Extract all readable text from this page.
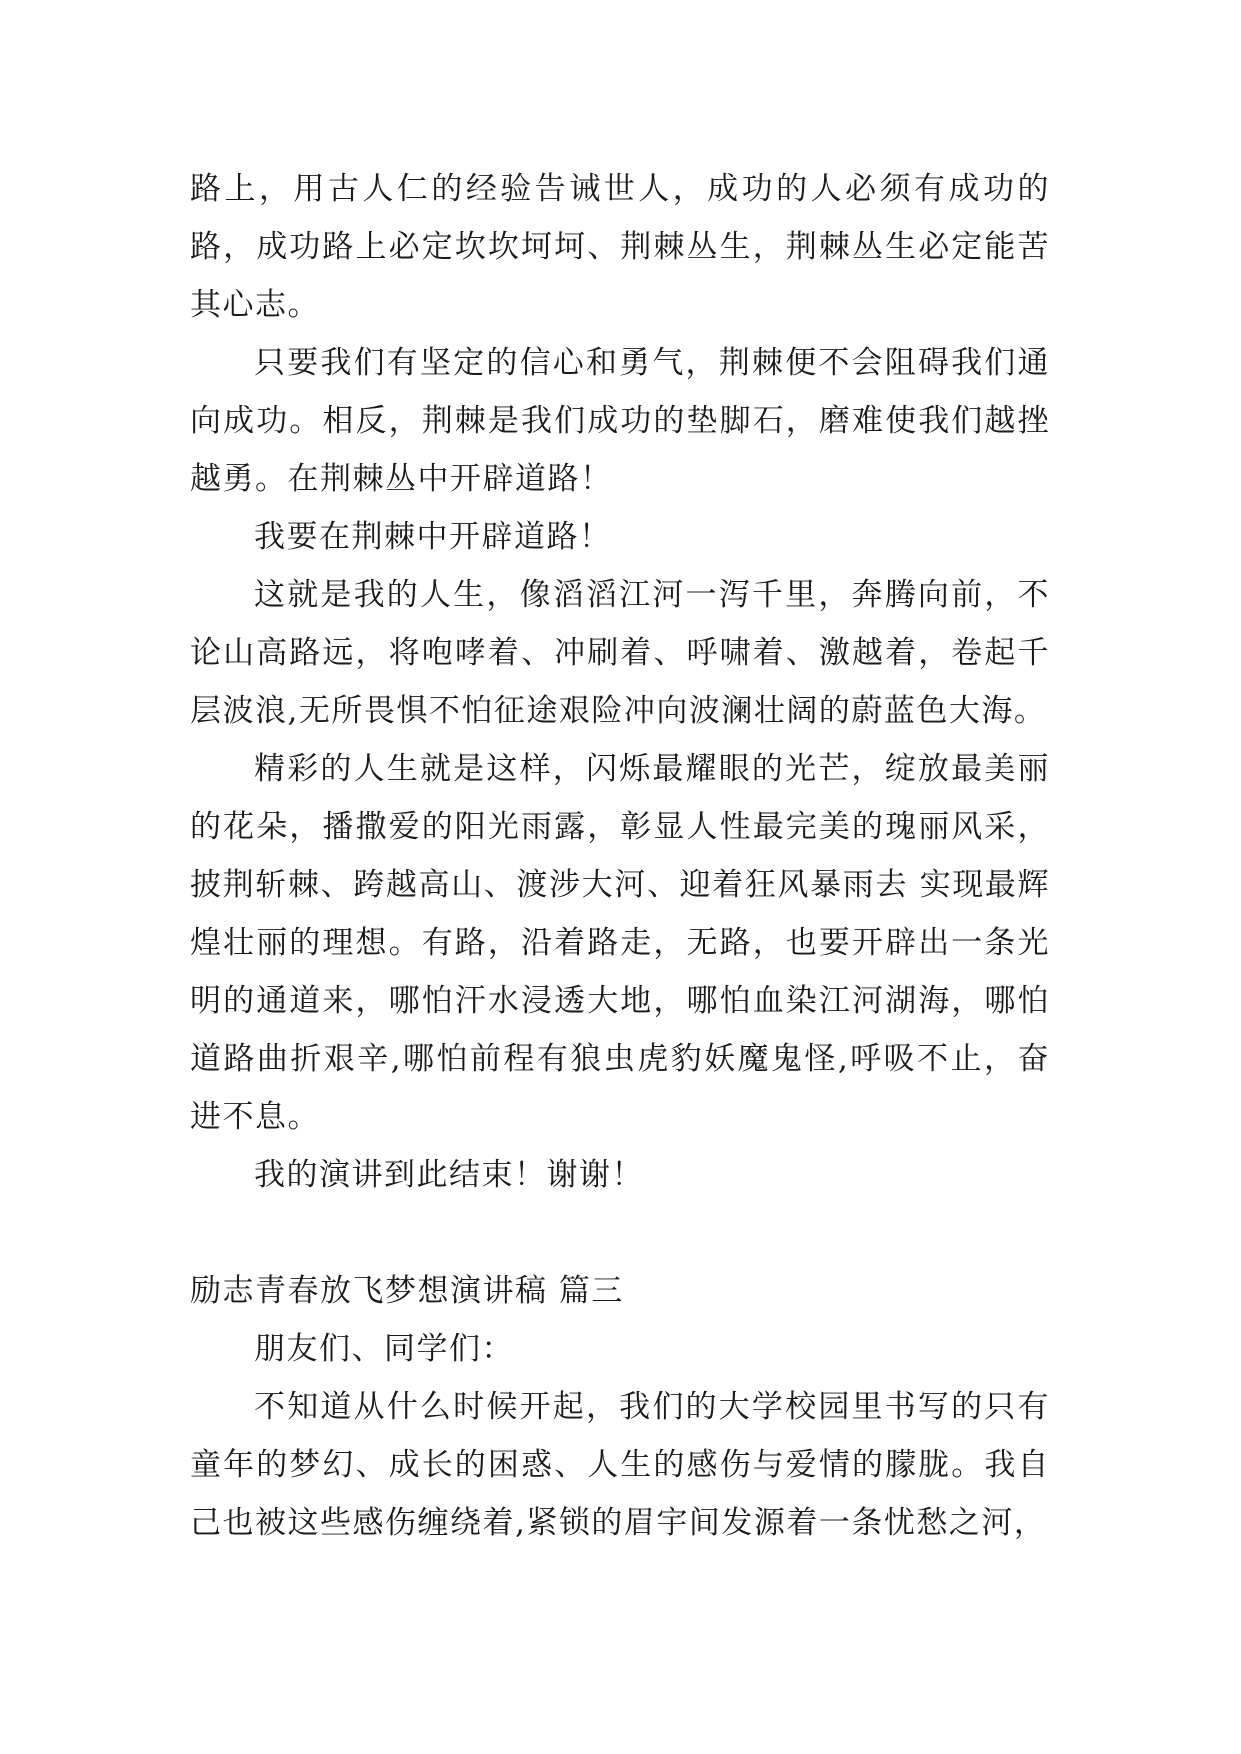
路上，用古人仁的经验告诫世人，成功的人必须有成功的路，成功路上必定坎坎坷坷、荆棘丛生，荆棘丛生必定能苦其心志。

只要我们有坚定的信心和勇气，荆棘便不会阻碍我们通向成功。相反，荆棘是我们成功的垫脚石，磨难使我们越挫越勇。在荆棘丛中开辟道路！

我要在荆棘中开辟道路！

这就是我的人生，像滔滔江河一泻千里，奔腾向前，不论山高路远，将咆哮着、冲刷着、呼啸着、激越着，卷起千层波浪,无所畏惧不怕征途艰险冲向波澜壮阔的蔚蓝色大海。

精彩的人生就是这样，闪烁最耀眼的光芒，绽放最美丽的花朵，播撒爱的阳光雨露，彰显人性最完美的瑰丽风采，披荆斩棘、跨越高山、渡涉大河、迎着狂风暴雨去 实现最辉煌壮丽的理想。有路，沿着路走，无路，也要开辟出一条光明的通道来，哪怕汗水浸透大地，哪怕血染江河湖海，哪怕道路曲折艰辛,哪怕前程有狼虫虎豹妖魔鬼怪,呼吸不止，奋进不息。

我的演讲到此结束！谢谢！

励志青春放飞梦想演讲稿 篇三

朋友们、同学们：

不知道从什么时候开起，我们的大学校园里书写的只有童年的梦幻、成长的困惑、人生的感伤与爱情的朦胧。我自己也被这些感伤缠绕着,紧锁的眉宇间发源着一条忧愁之河，
